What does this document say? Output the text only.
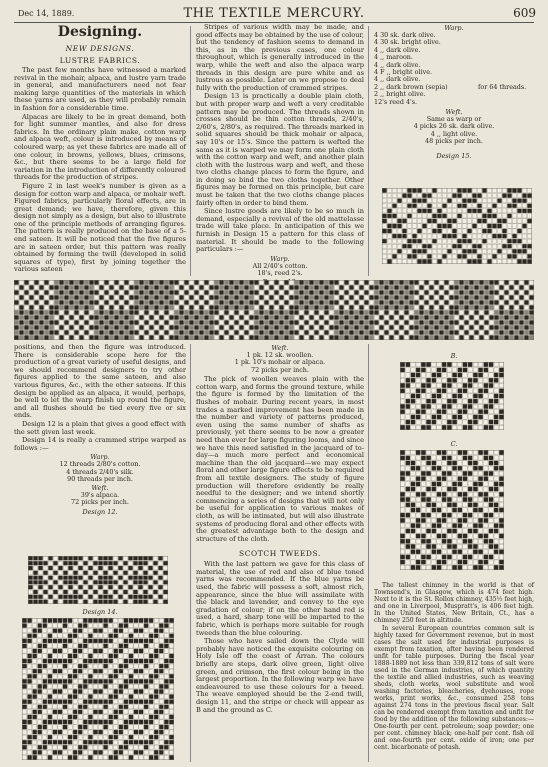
Dec 14, 1889.	THE TEXTILE MERCURY.	609
Designing.
NEW DESIGNS.
LUSTRE FABRICS.

The past few months have witnessed a marked revival in the mohair, alpaca, and lustre yarn trade in general, and manufacturers need not fear making large quantities of the materials in which these yarns are used, as they will probably remain in fashion for a considerable time.

Alpacas are likely to be in great demand, both for light summer mantles, and also for dress fabrics. In the ordinary plain make, cotton warp and alpaca weft, colour is introduced by means of coloured warp; as yet these fabrics are made all of one colour, in browns, yellows, blues, crimsons, &c., but there seems to be a large field for variation in the introduction of differently coloured threads for the production of stripes.

Figure 2 in last week's number is given as a design for cotton warp and alpaca, or mohair weft. Figured fabrics, particularly floral effects, are in great demand; we have, therefore, given this design not simply as a design, but also to illustrate one of the principle methods of arranging figures. The pattern is really produced on the base of a 5-end sateen. It will be noticed that the five figures are in sateen order, but this pattern was really obtained by forming the twill (developed in solid squares of type), first by joining together the various sateen

Stripes of various width may be made, and good effects may be obtained by the use of colour, but the tendency of fashion seems to demand in this, as in the previous cases, one colour throughout, which is generally introduced in the warp, while the weft and also the alpaca warp threads in this design are pure white and as lustrous as possible. Later on we propose to deal fully with the production of crammed stripes.

Design 13 is practically a double plain cloth, but with proper warp and weft a very creditable pattern may be produced. The threads shown in crosses should be thin cotton threads, 2/40's, 2/60's, 2/80's, as required. The threads marked in solid squares should be thick mohair or alpaca, say 10's or 15's. Since the pattern is wefted the same as it is warped we may form one plain cloth with the cotton warp and weft, and another plain cloth with the lustrous warp and weft, and these two cloths change places to form the figure, and in doing so bind the two cloths together. Other figures may be formed on this principle, but care must be taken that the two cloths change places fairly often in order to bind them.

Since lustre goods are likely to be so much in demand, especially a revival of the old mattelasse trade will take place. In anticipation of this we furnish in Design 15 a pattern for this class of material. It should be made to the following particulars :—

Warp.
All 2/40's cotton.
18's, reed 2's.
Warp.
4 30 sk. dark olive.
4 30 sk. bright olive.
4 ,, dark olive.
4 ,, maroon.
4 ,, dark olive.
4 F ,, bright olive.
4 ,, dark olive.
2 ,, dark brown (sepia)
2 ,, bright olive.
12's reed 4's.
for 64 threads.
Weft.
Same as warp or
4 picks 26 sk. dark olive.
4 ,, light olive.
48 picks per inch.
Design 15.

positions, and then the figure was introduced. There is considerable scope here for the production of a great variety of useful designs, and we should recommend designers to try other figures applied to the same sateen, and also various figures, &c., with the other sateens. If this design be applied as an alpaca, it would, perhaps, be well to let the warp finish up round the figure, and all flushes should be tied every five or six ends.

Design 12 is a plain that gives a good effect with the sett given last week.

Design 14 is really a crammed stripe warped as follows :—

Warp.
12 threads 2/80's cotton.
4 threads 2/40's silk.
90 threads per inch.
Weft.
39's alpaca.
72 picks per inch.
Design 12.
Design 14.
Weft.
1 pk. 12 sk. woollen.
1 pk. 10's mohair or alpaca.
72 picks per inch.

The pick of woollen weaves plain with the cotton warp, and forms the ground texture, while the figure is formed by the limitation of the flushes of mohair. During recent years, in most trades a marked improvement has been made in the number and variety of patterns produced, even using the same number of shafts as previously, yet there seems to be now a greater need than ever for large figuring looms, and since we have this need satisfied in the jacquard of to-day—a much more perfect and economical machine than the old jacquard—we may expect floral and other large figure effects to be required from all textile designers. The study of figure production will therefore evidently be really needful to the designer; and we intend shortly commencing a series of designs that will not only be useful for application to various makes of cloth, as will be intimated, but will also illustrate systems of producing floral and other effects with the greatest advantage both to the design and structure of the cloth.

SCOTCH TWEEDS.

With the last pattern we gave for this class of material, the use of red and also of blue toned yarns was recommended. If the blue yarns be used, the fabric will possess a soft, almost rich, appearance, since the blue will assimilate with the black and lavender, and convey to the eye gradation of colour; if on the other hand red is used, a hard, sharp tone will be imparted to the fabric, which is perhaps more suitable for rough tweeds than the blue colouring.

Those who have sailed down the Clyde will probably have noticed the exquisite colouring on Holy Isle off the coast of Arran. The colours briefly are steps, dark olive green, light olive green, and crimson, the first colour being in the largest proportion. In the following warp we have endeavoured to use these colours for a tweed. The weave employed should be the 2-end twill, design 11, and the stripe or check will appear as B and the ground as C.

B.
C.

The tallest chimney in the world is that of Townsend's, in Glasgow, which is 474 feet high. Next to it is the St. Rollox chimney, 435½ feet high, and one in Liverpool, Muspratt's, is 406 feet high. In the United States, New Britain, Ct., has a chimney 250 feet in altitude.

In several European countries common salt is highly taxed for Government revenue, but in most cases the salt used for industrial purposes is exempt from taxation, after having been rendered unfit for table purposes. During the fiscal year 1888-1889 not less than 339,812 tons of salt were used in the German industries, of which quantity the textile and allied industries, such as weaving sheds, cloth works, wool substitute and wool washing factories, bleacheries, dyehouses, rope works, print works, &c., consumed 258 tons against 274 tons in the previous fiscal year. Salt can be rendered exempt from taxation and unfit for food by the addition of the following substances:—One-fourth per cent. petroleum; soap powder; one per cent. chimney black; one-half per cent. fish oil and one-fourth per cent. oxide of iron; one per cent. bicarbonate of potash.
